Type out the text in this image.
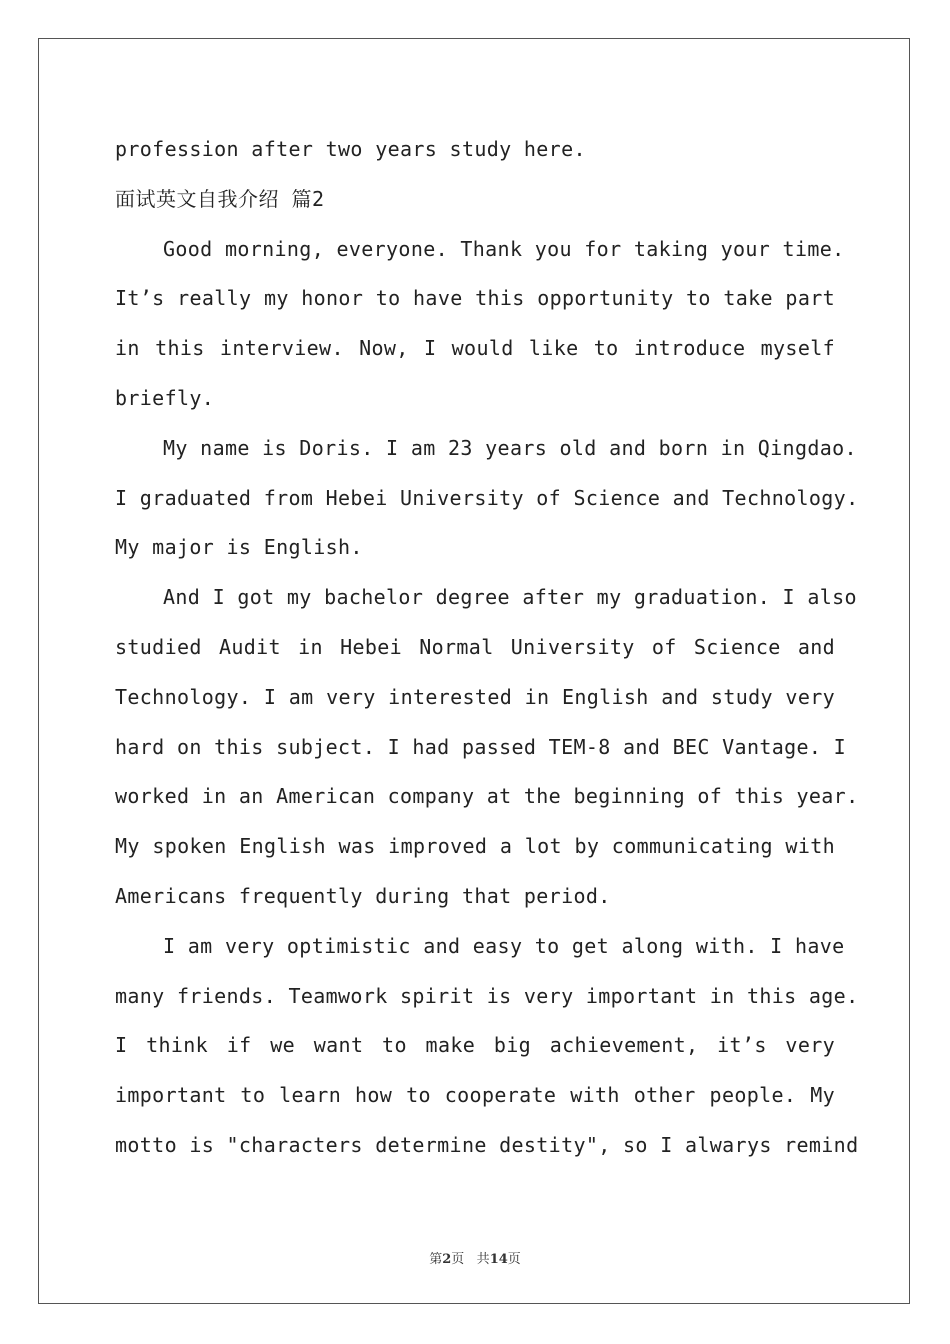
profession after two years study here.
面试英文自我介绍 篇2
Good morning, everyone. Thank you for taking your time.
It’s really my honor to have this opportunity to take part
in this interview. Now, I would like to introduce myself
briefly.
My name is Doris. I am 23 years old and born in Qingdao.
I graduated from Hebei University of Science and Technology.
My major is English.
And I got my bachelor degree after my graduation. I also
studied Audit in Hebei Normal University of Science and
Technology. I am very interested in English and study very
hard on this subject. I had passed TEM-8 and BEC Vantage. I
worked in an American company at the beginning of this year.
My spoken English was improved a lot by communicating with
Americans frequently during that period.
I am very optimistic and easy to get along with. I have
many friends. Teamwork spirit is very important in this age.
I think if we want to make big achievement, it’s very
important to learn how to cooperate with other people. My
motto is "characters determine destity", so I alwarys remind
第2页 共14页
